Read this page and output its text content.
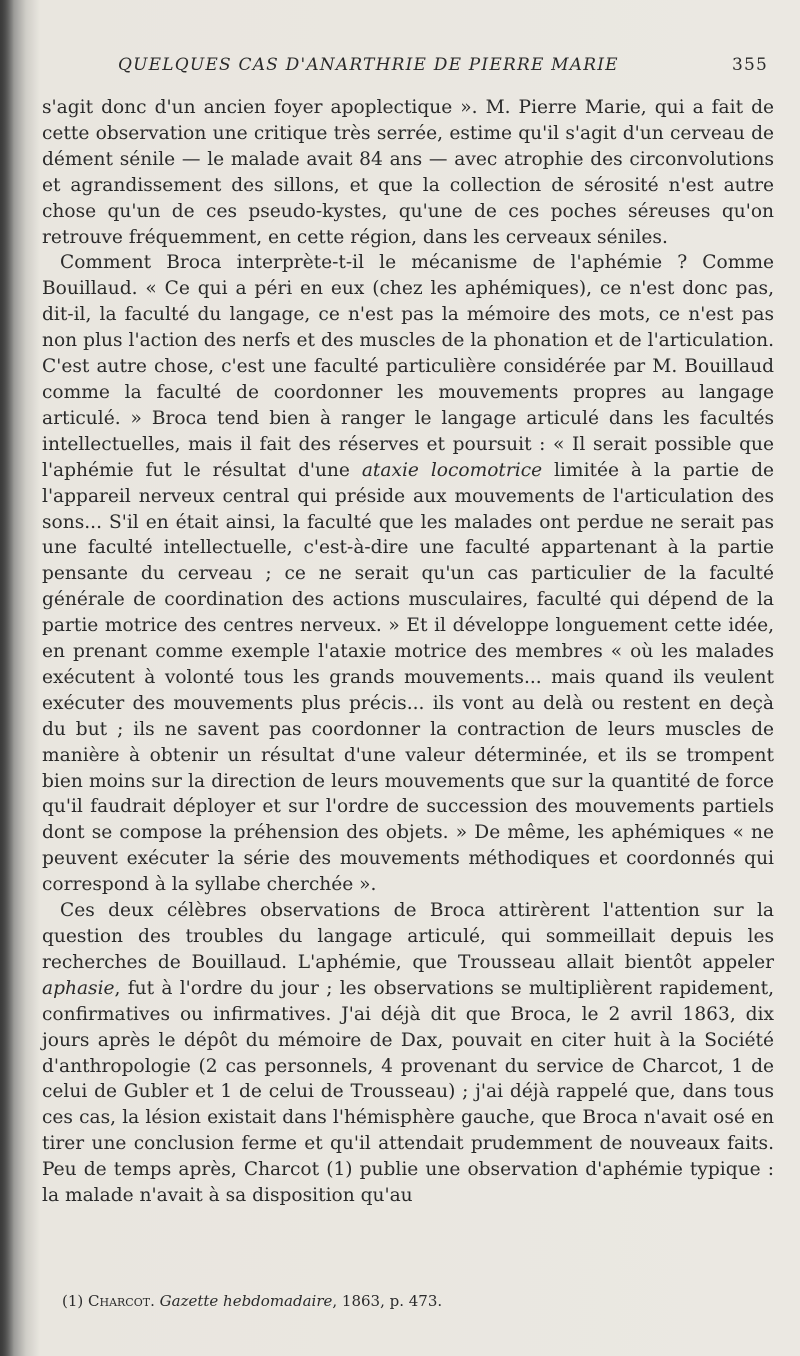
QUELQUES CAS D'ANARTHRIE DE PIERRE MARIE	355

s'agit donc d'un ancien foyer apoplectique ». M. Pierre Marie, qui a fait de cette observation une critique très serrée, estime qu'il s'agit d'un cerveau de dément sénile — le malade avait 84 ans — avec atrophie des circonvolutions et agrandissement des sillons, et que la collection de sérosité n'est autre chose qu'un de ces pseudo-kystes, qu'une de ces poches séreuses qu'on retrouve fréquemment, en cette région, dans les cerveaux séniles.

Comment Broca interprète-t-il le mécanisme de l'aphémie ? Comme Bouillaud. « Ce qui a péri en eux (chez les aphémiques), ce n'est donc pas, dit-il, la faculté du langage, ce n'est pas la mémoire des mots, ce n'est pas non plus l'action des nerfs et des muscles de la phonation et de l'articulation. C'est autre chose, c'est une faculté particulière considérée par M. Bouillaud comme la faculté de coordonner les mouvements propres au langage articulé. » Broca tend bien à ranger le langage articulé dans les facultés intellectuelles, mais il fait des réserves et poursuit : « Il serait possible que l'aphémie fut le résultat d'une ataxie locomotrice limitée à la partie de l'appareil nerveux central qui préside aux mouvements de l'articulation des sons... S'il en était ainsi, la faculté que les malades ont perdue ne serait pas une faculté intellectuelle, c'est-à-dire une faculté appartenant à la partie pensante du cerveau ; ce ne serait qu'un cas particulier de la faculté générale de coordination des actions musculaires, faculté qui dépend de la partie motrice des centres nerveux. » Et il développe longuement cette idée, en prenant comme exemple l'ataxie motrice des membres « où les malades exécutent à volonté tous les grands mouvements... mais quand ils veulent exécuter des mouvements plus précis... ils vont au delà ou restent en deçà du but ; ils ne savent pas coordonner la contraction de leurs muscles de manière à obtenir un résultat d'une valeur déterminée, et ils se trompent bien moins sur la direction de leurs mouvements que sur la quantité de force qu'il faudrait déployer et sur l'ordre de succession des mouvements partiels dont se compose la préhension des objets. » De même, les aphémiques « ne peuvent exécuter la série des mouvements méthodiques et coordonnés qui correspond à la syllabe cherchée ».

Ces deux célèbres observations de Broca attirèrent l'attention sur la question des troubles du langage articulé, qui sommeillait depuis les recherches de Bouillaud. L'aphémie, que Trousseau allait bientôt appeler aphasie, fut à l'ordre du jour ; les observations se multiplièrent rapidement, confirmatives ou infirmatives. J'ai déjà dit que Broca, le 2 avril 1863, dix jours après le dépôt du mémoire de Dax, pouvait en citer huit à la Société d'anthropologie (2 cas personnels, 4 provenant du service de Charcot, 1 de celui de Gubler et 1 de celui de Trousseau) ; j'ai déjà rappelé que, dans tous ces cas, la lésion existait dans l'hémisphère gauche, que Broca n'avait osé en tirer une conclusion ferme et qu'il attendait prudemment de nouveaux faits. Peu de temps après, Charcot (1) publie une observation d'aphémie typique : la malade n'avait à sa disposition qu'au

(1) Charcot. Gazette hebdomadaire, 1863, p. 473.
